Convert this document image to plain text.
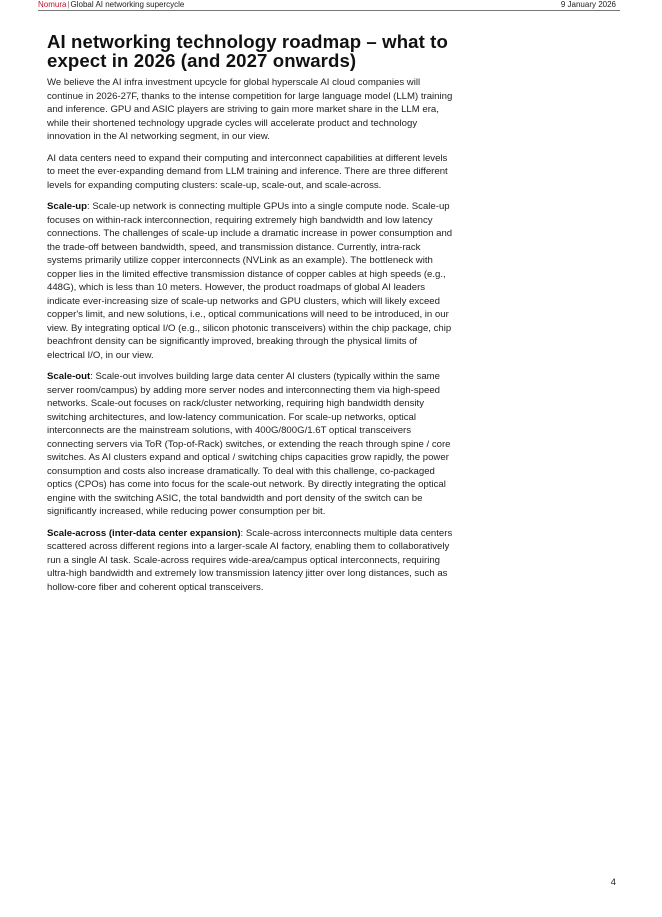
Nomura|Global AI networking supercycle	9 January 2026
AI networking technology roadmap – what to expect in 2026 (and 2027 onwards)

We believe the AI infra investment upcycle for global hyperscale AI cloud companies will continue in 2026-27F, thanks to the intense competition for large language model (LLM) training and inference. GPU and ASIC players are striving to gain more market share in the LLM era, while their shortened technology upgrade cycles will accelerate product and technology innovation in the AI networking segment, in our view.

AI data centers need to expand their computing and interconnect capabilities at different levels to meet the ever-expanding demand from LLM training and inference. There are three different levels for expanding computing clusters: scale-up, scale-out, and scale-across.

Scale-up: Scale-up network is connecting multiple GPUs into a single compute node. Scale-up focuses on within-rack interconnection, requiring extremely high bandwidth and low latency connections. The challenges of scale-up include a dramatic increase in power consumption and the trade-off between bandwidth, speed, and transmission distance. Currently, intra-rack systems primarily utilize copper interconnects (NVLink as an example). The bottleneck with copper lies in the limited effective transmission distance of copper cables at high speeds (e.g., 448G), which is less than 10 meters. However, the product roadmaps of global AI leaders indicate ever-increasing size of scale-up networks and GPU clusters, which will likely exceed copper's limit, and new solutions, i.e., optical communications will need to be introduced, in our view. By integrating optical I/O (e.g., silicon photonic transceivers) within the chip package, chip beachfront density can be significantly improved, breaking through the physical limits of electrical I/O, in our view.

Scale-out: Scale-out involves building large data center AI clusters (typically within the same server room/campus) by adding more server nodes and interconnecting them via high-speed networks. Scale-out focuses on rack/cluster networking, requiring high bandwidth density switching architectures, and low-latency communication. For scale-up networks, optical interconnects are the mainstream solutions, with 400G/800G/1.6T optical transceivers connecting servers via ToR (Top-of-Rack) switches, or extending the reach through spine / core switches. As AI clusters expand and optical / switching chips capacities grow rapidly, the power consumption and costs also increase dramatically. To deal with this challenge, co-packaged optics (CPOs) has come into focus for the scale-out network. By directly integrating the optical engine with the switching ASIC, the total bandwidth and port density of the switch can be significantly increased, while reducing power consumption per bit.

Scale-across (inter-data center expansion): Scale-across interconnects multiple data centers scattered across different regions into a larger-scale AI factory, enabling them to collaboratively run a single AI task. Scale-across requires wide-area/campus optical interconnects, requiring ultra-high bandwidth and extremely low transmission latency jitter over long distances, such as hollow-core fiber and coherent optical transceivers.

4
